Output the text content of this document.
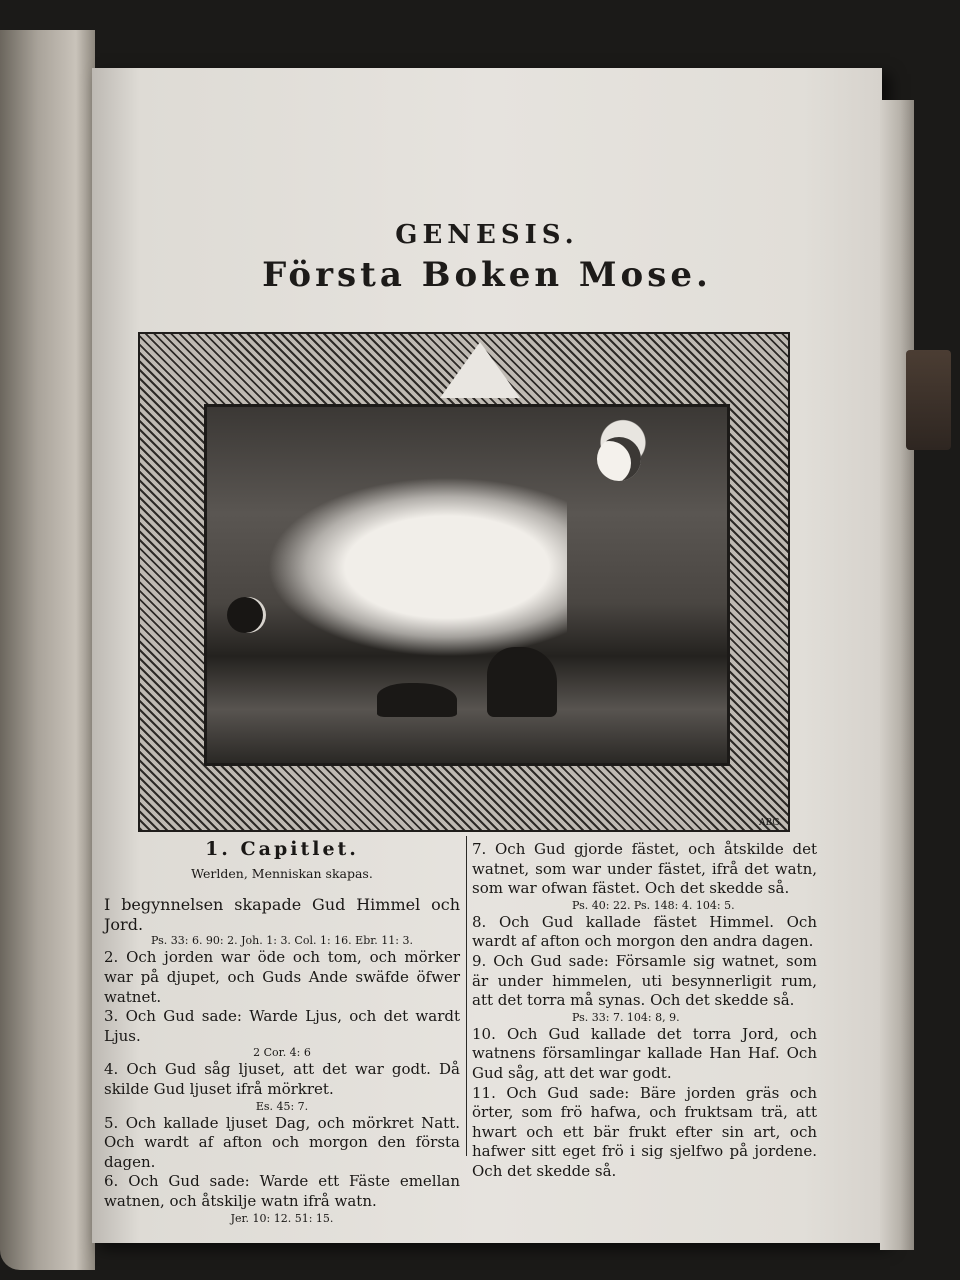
GENESIS.
Första Boken Mose.
ABG.
1. Capitlet.
Werlden, Menniskan skapas.

I begynnelsen skapade Gud Himmel och Jord.

Ps. 33: 6. 90: 2. Joh. 1: 3. Col. 1: 16. Ebr. 11: 3.

2. Och jorden war öde och tom, och mörker war på djupet, och Guds Ande swäfde öfwer watnet.

3. Och Gud sade: Warde Ljus, och det wardt Ljus.

2 Cor. 4: 6

4. Och Gud såg ljuset, att det war godt. Då skilde Gud ljuset ifrå mörkret.

Es. 45: 7.

5. Och kallade ljuset Dag, och mörkret Natt. Och wardt af afton och morgon den första dagen.

6. Och Gud sade: Warde ett Fäste emellan watnen, och åtskilje watn ifrå watn.

Jer. 10: 12. 51: 15.

7. Och Gud gjorde fästet, och åtskilde det watnet, som war under fästet, ifrå det watn, som war ofwan fästet. Och det skedde så.

Ps. 40: 22. Ps. 148: 4. 104: 5.

8. Och Gud kallade fästet Himmel. Och wardt af afton och morgon den andra dagen.

9. Och Gud sade: Församle sig watnet, som är under himmelen, uti besynnerligit rum, att det torra må synas. Och det skedde så.

Ps. 33: 7. 104: 8, 9.

10. Och Gud kallade det torra Jord, och watnens församlingar kallade Han Haf. Och Gud såg, att det war godt.

11. Och Gud sade: Bäre jorden gräs och örter, som frö hafwa, och fruktsam trä, att hwart och ett bär frukt efter sin art, och hafwer sitt eget frö i sig sjelfwo på jordene. Och det skedde så.
